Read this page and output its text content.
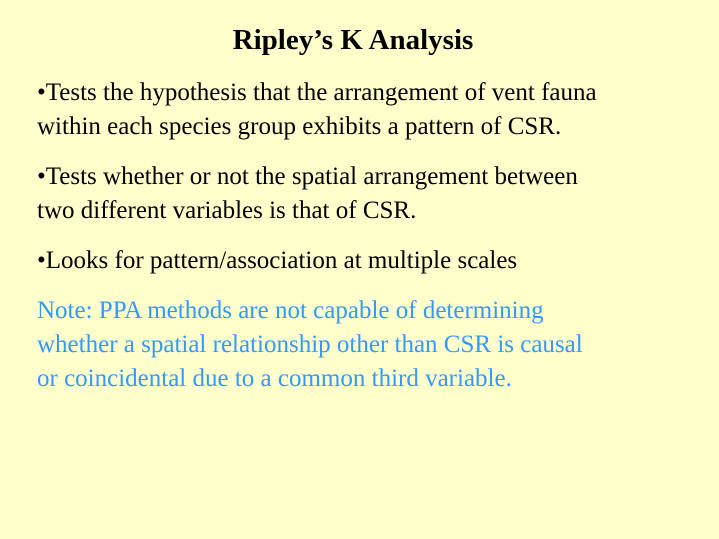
Ripley’s K Analysis
•Tests the hypothesis that the arrangement of vent fauna
within each species group exhibits a pattern of CSR.
•Tests whether or not the spatial arrangement between
two different variables is that of CSR.
•Looks for pattern/association at multiple scales
Note: PPA methods are not capable of determining
whether a spatial relationship other than CSR is causal
or coincidental due to a common third variable.
